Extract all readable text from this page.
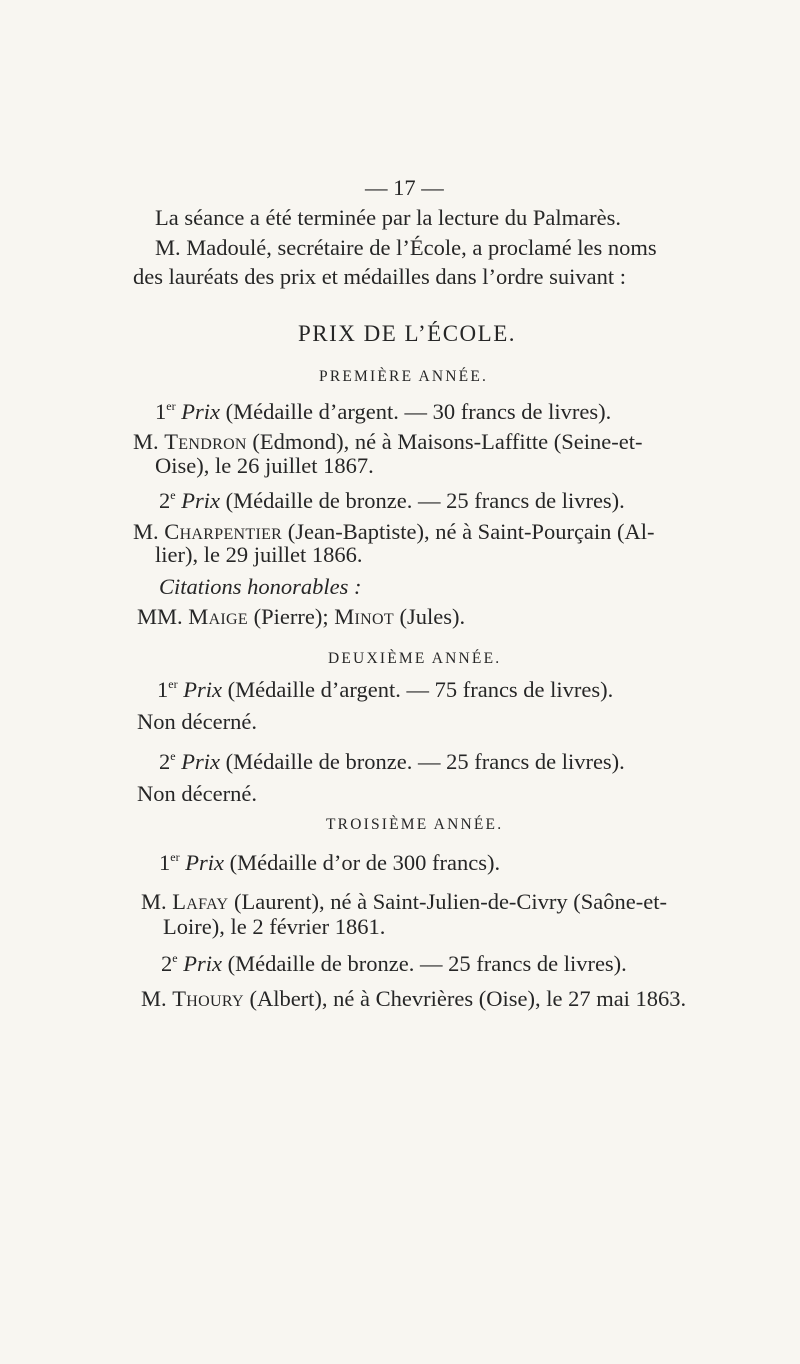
— 17 —
La séance a été terminée par la lecture du Palmarès.
M. Madoulé, secrétaire de l’École, a proclamé les noms
des lauréats des prix et médailles dans l’ordre suivant :
PRIX DE L’ÉCOLE.
PREMIÈRE ANNÉE.
1er Prix (Médaille d’argent. — 30 francs de livres).
M. Tendron (Edmond), né à Maisons-Laffitte (Seine-et-
Oise), le 26 juillet 1867.
2e Prix (Médaille de bronze. — 25 francs de livres).
M. Charpentier (Jean-Baptiste), né à Saint-Pourçain (Al-
lier), le 29 juillet 1866.
Citations honorables :
MM. Maige (Pierre); Minot (Jules).
DEUXIÈME ANNÉE.
1er Prix (Médaille d’argent. — 75 francs de livres).
Non décerné.
2e Prix (Médaille de bronze. — 25 francs de livres).
Non décerné.
TROISIÈME ANNÉE.
1er Prix (Médaille d’or de 300 francs).
M. Lafay (Laurent), né à Saint-Julien-de-Civry (Saône-et-
Loire), le 2 février 1861.
2e Prix (Médaille de bronze. — 25 francs de livres).
M. Thoury (Albert), né à Chevrières (Oise), le 27 mai 1863.
